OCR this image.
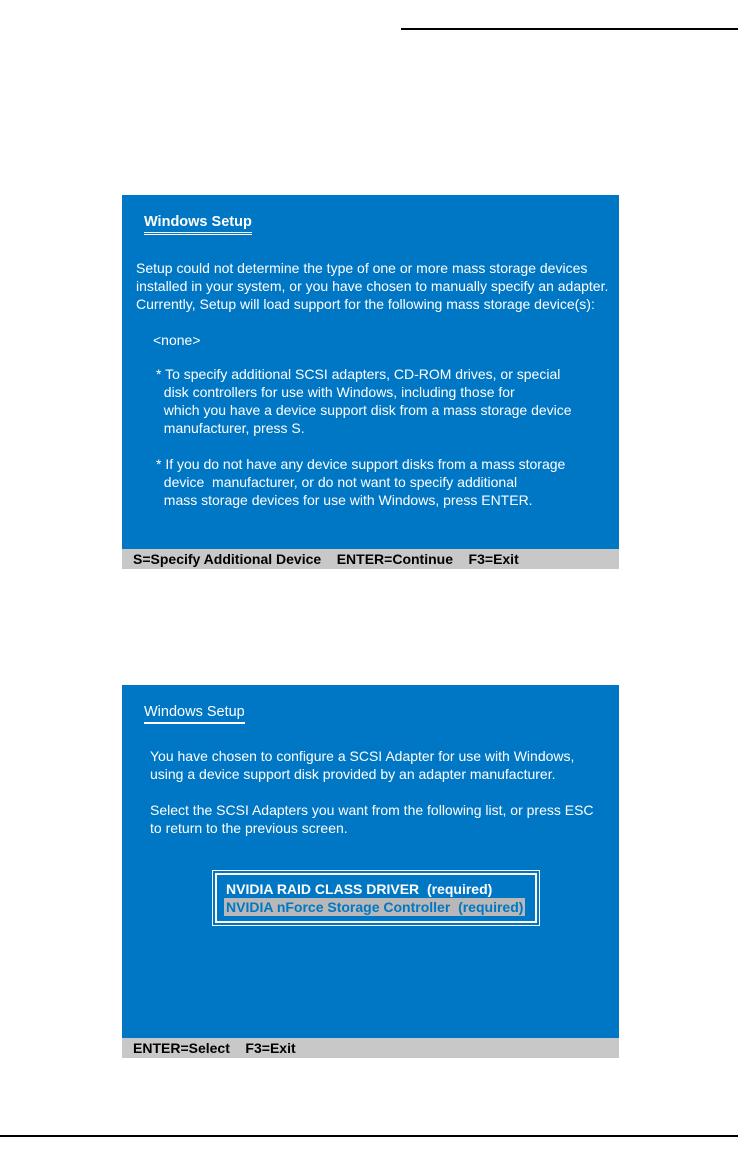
Windows Setup
Setup could not determine the type of one or more mass storage devices
installed in your system, or you have chosen to manually specify an adapter.
Currently, Setup will load support for the following mass storage device(s):
<none>
* To specify additional SCSI adapters, CD-ROM drives, or special
disk controllers for use with Windows, including those for
which you have a device support disk from a mass storage device
manufacturer, press S.
* If you do not have any device support disks from a mass storage
device  manufacturer, or do not want to specify additional
mass storage devices for use with Windows, press ENTER.
S=Specify Additional Device    ENTER=Continue    F3=Exit
Windows Setup
You have chosen to configure a SCSI Adapter for use with Windows,
using a device support disk provided by an adapter manufacturer.
Select the SCSI Adapters you want from the following list, or press ESC
to return to the previous screen.
NVIDIA RAID CLASS DRIVER  (required)
NVIDIA nForce Storage Controller  (required)
ENTER=Select    F3=Exit
